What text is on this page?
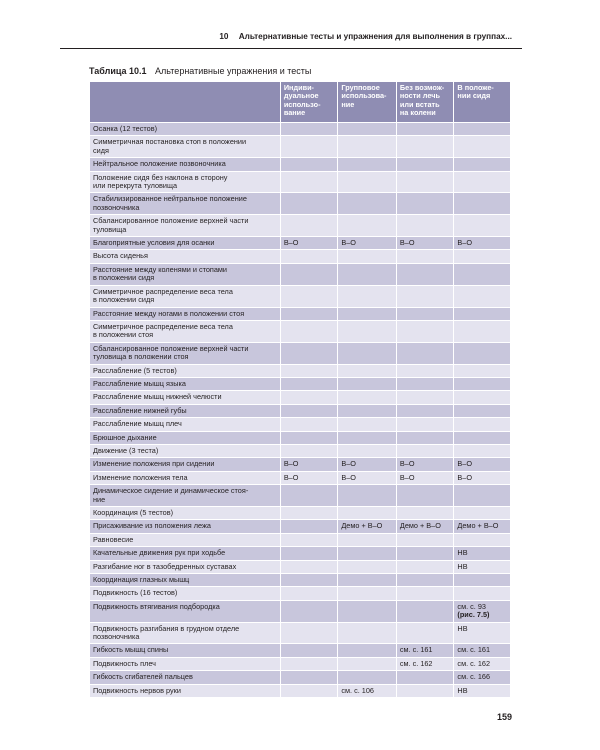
10 Альтернативные тесты и упражнения для выполнения в группах...
Таблица 10.1 Альтернативные упражнения и тесты
	Индиви-
дуальное
использо-
вание	Групповое
использова-
ние	Без возмож-
ности лечь
или встать
на колени	В положе-
нии сидя
Осанка (12 тестов)				
Симметричная постановка стоп в положении
сидя				
Нейтральное положение позвоночника				
Положение сидя без наклона в сторону
или перекрута туловища				
Стабилизированное нейтральное положение
позвоночника				
Сбалансированное положение верхней части
туловища				
Благоприятные условия для осанки	В–О	В–О	В–О	В–О
Высота сиденья				
Расстояние между коленями и стопами
в положении сидя				
Симметричное распределение веса тела
в положении сидя				
Расстояние между ногами в положении стоя				
Симметричное распределение веса тела
в положении стоя				
Сбалансированное положение верхней части
туловища в положении стоя				
Расслабление (5 тестов)				
Расслабление мышц языка				
Расслабление мышц нижней челюсти				
Расслабление нижней губы				
Расслабление мышц плеч				
Брюшное дыхание				
Движение (3 теста)				
Изменение положения при сидении	В–О	В–О	В–О	В–О
Изменение положения тела	В–О	В–О	В–О	В–О
Динамическое сидение и динамическое стоя-
ние				
Координация (5 тестов)				
Присаживание из положения лежа		Демо + В–О	Демо + В–О	Демо + В–О
Равновесие				
Качательные движения рук при ходьбе				НВ
Разгибание ног в тазобедренных суставах				НВ
Координация глазных мышц				
Подвижность (16 тестов)				
Подвижность втягивания подбородка				см. с. 93
(рис. 7.5)
Подвижность разгибания в грудном отделе
позвоночника				НВ
Гибкость мышц спины			см. с. 161	см. с. 161
Подвижность плеч			см. с. 162	см. с. 162
Гибкость сгибателей пальцев				см. с. 166
Подвижность нервов руки		см. с. 106		НВ
159
